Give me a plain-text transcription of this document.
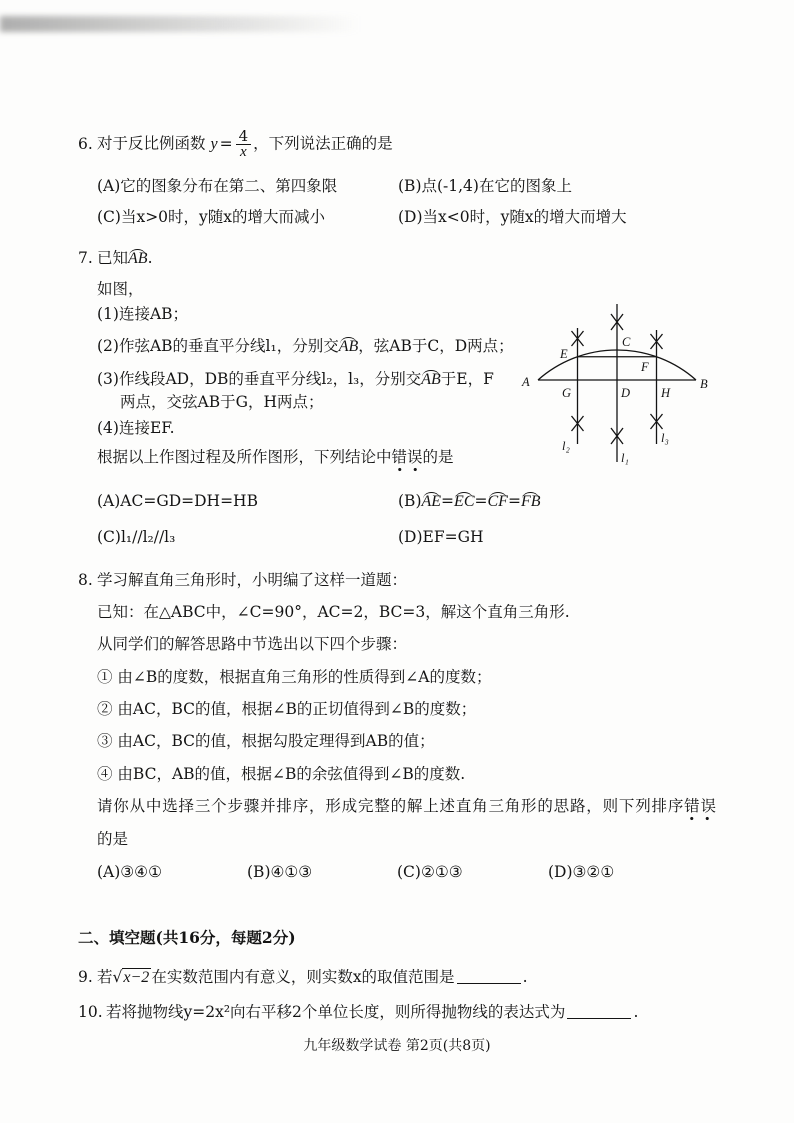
6. 对于反比例函数 $y = \frac{4}{x}$ ，下列说法正确的是
(A)它的图象分布在第二、第四象限	(B)点(-1,4)在它的图象上
(C)当x>0时，y随x的增大而减小	(D)当x<0时，y随x的增大而增大
7. 已知AB.
如图，
(1)连接AB；
(2)作弦AB的垂直平分线l₁，分别交AB，弦AB于C，D两点；
(3)作线段AD，DB的垂直平分线l₂，l₃，分别交AB于E，F
两点，交弦AB于G，H两点；
(4)连接EF.
根据以上作图过程及所作图形，下列结论中错误的是
(A)AC=GD=DH=HB	(B)AE=EC=CF=FB
(C)l₁//l₂//l₃	(D)EF=GH
A	B
C
D
E
F
G	H
l₁
l₂
l₃
8. 学习解直角三角形时，小明编了这样一道题：
已知：在△ABC中，∠C=90°，AC=2，BC=3，解这个直角三角形.
从同学们的解答思路中节选出以下四个步骤：
① 由∠B的度数，根据直角三角形的性质得到∠A的度数；
② 由AC，BC的值，根据∠B的正切值得到∠B的度数；
③ 由AC，BC的值，根据勾股定理得到AB的值；
④ 由BC，AB的值，根据∠B的余弦值得到∠B的度数.
请你从中选择三个步骤并排序，形成完整的解上述直角三角形的思路，则下列排序错误
的是
(A)③④①	(B)④①③	(C)②①③	(D)③②①
二、填空题(共16分，每题2分)
9. 若√x−2 在实数范围内有意义，则实数x的取值范围是	.
10. 若将抛物线y=2x²向右平移2个单位长度，则所得抛物线的表达式为	.
九年级数学试卷 第2页(共8页)
